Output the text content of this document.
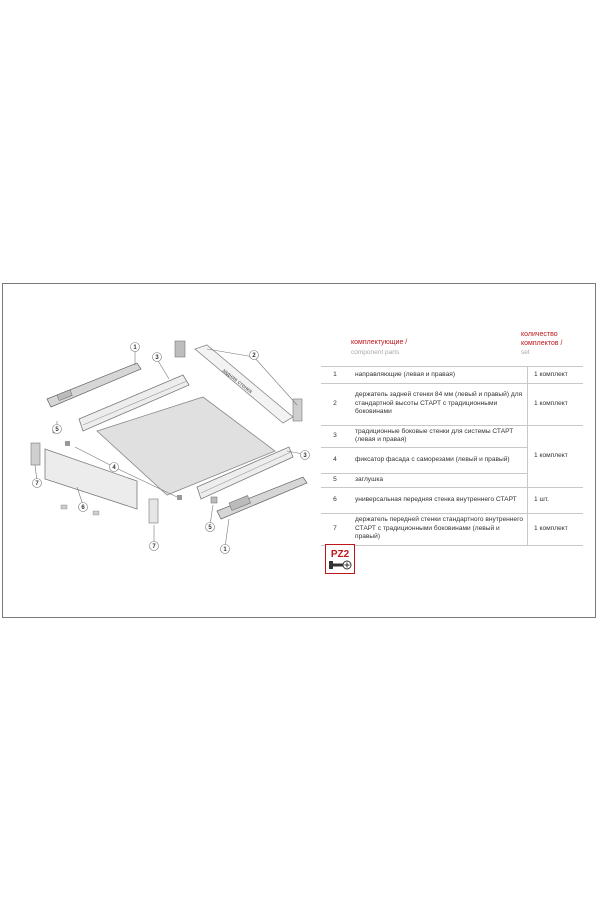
задняя стенка
1
2
3
3
4
5
5
6
7
7	1
комплектующие /
component parts
количество комплектов /
set
1	направляющие (левая и правая)	1 комплект
2	держатель задней стенки 84 мм (левый и правый) для стандартной высоты СТАРТ с традиционными боковинами	1 комплект
3	традиционные боковые стенки для системы СТАРТ (левая и правая)	1 комплект
4	фиксатор фасада с саморезами (левый и правый)	
5	заглушка	
6	универсальная передняя стенка внутреннего СТАРТ	1 шт.
7	держатель передней стенки стандартного внутреннего СТАРТ с традиционными боковинами (левый и правый)	1 комплект
PZ2
